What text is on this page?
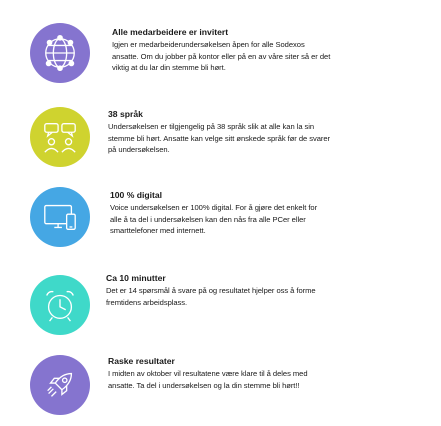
Alle medarbeidere er invitert

Igjen er medarbeiderundersøkelsen åpen for alle Sodexos

ansatte. Om du jobber på kontor eller på en av våre siter så er det

viktig at du lar din stemme bli hørt.

38 språk

Undersøkelsen er tilgjengelig på 38 språk slik at alle kan la sin

stemme bli hørt. Ansatte kan velge sitt ønskede språk før de svarer

på undersøkelsen.

100 % digital

Voice undersøkelsen er 100% digital. For å gjøre det enkelt for

alle å ta del i undersøkelsen kan den nås fra alle PCer eller

smarttelefoner med internett.

Ca 10 minutter

Det er 14 spørsmål å svare på og resultatet hjelper oss å forme

fremtidens arbeidsplass.

Raske resultater

I midten av oktober vil resultatene være klare til å deles med

ansatte. Ta del i undersøkelsen og la din stemme bli hørt!!
